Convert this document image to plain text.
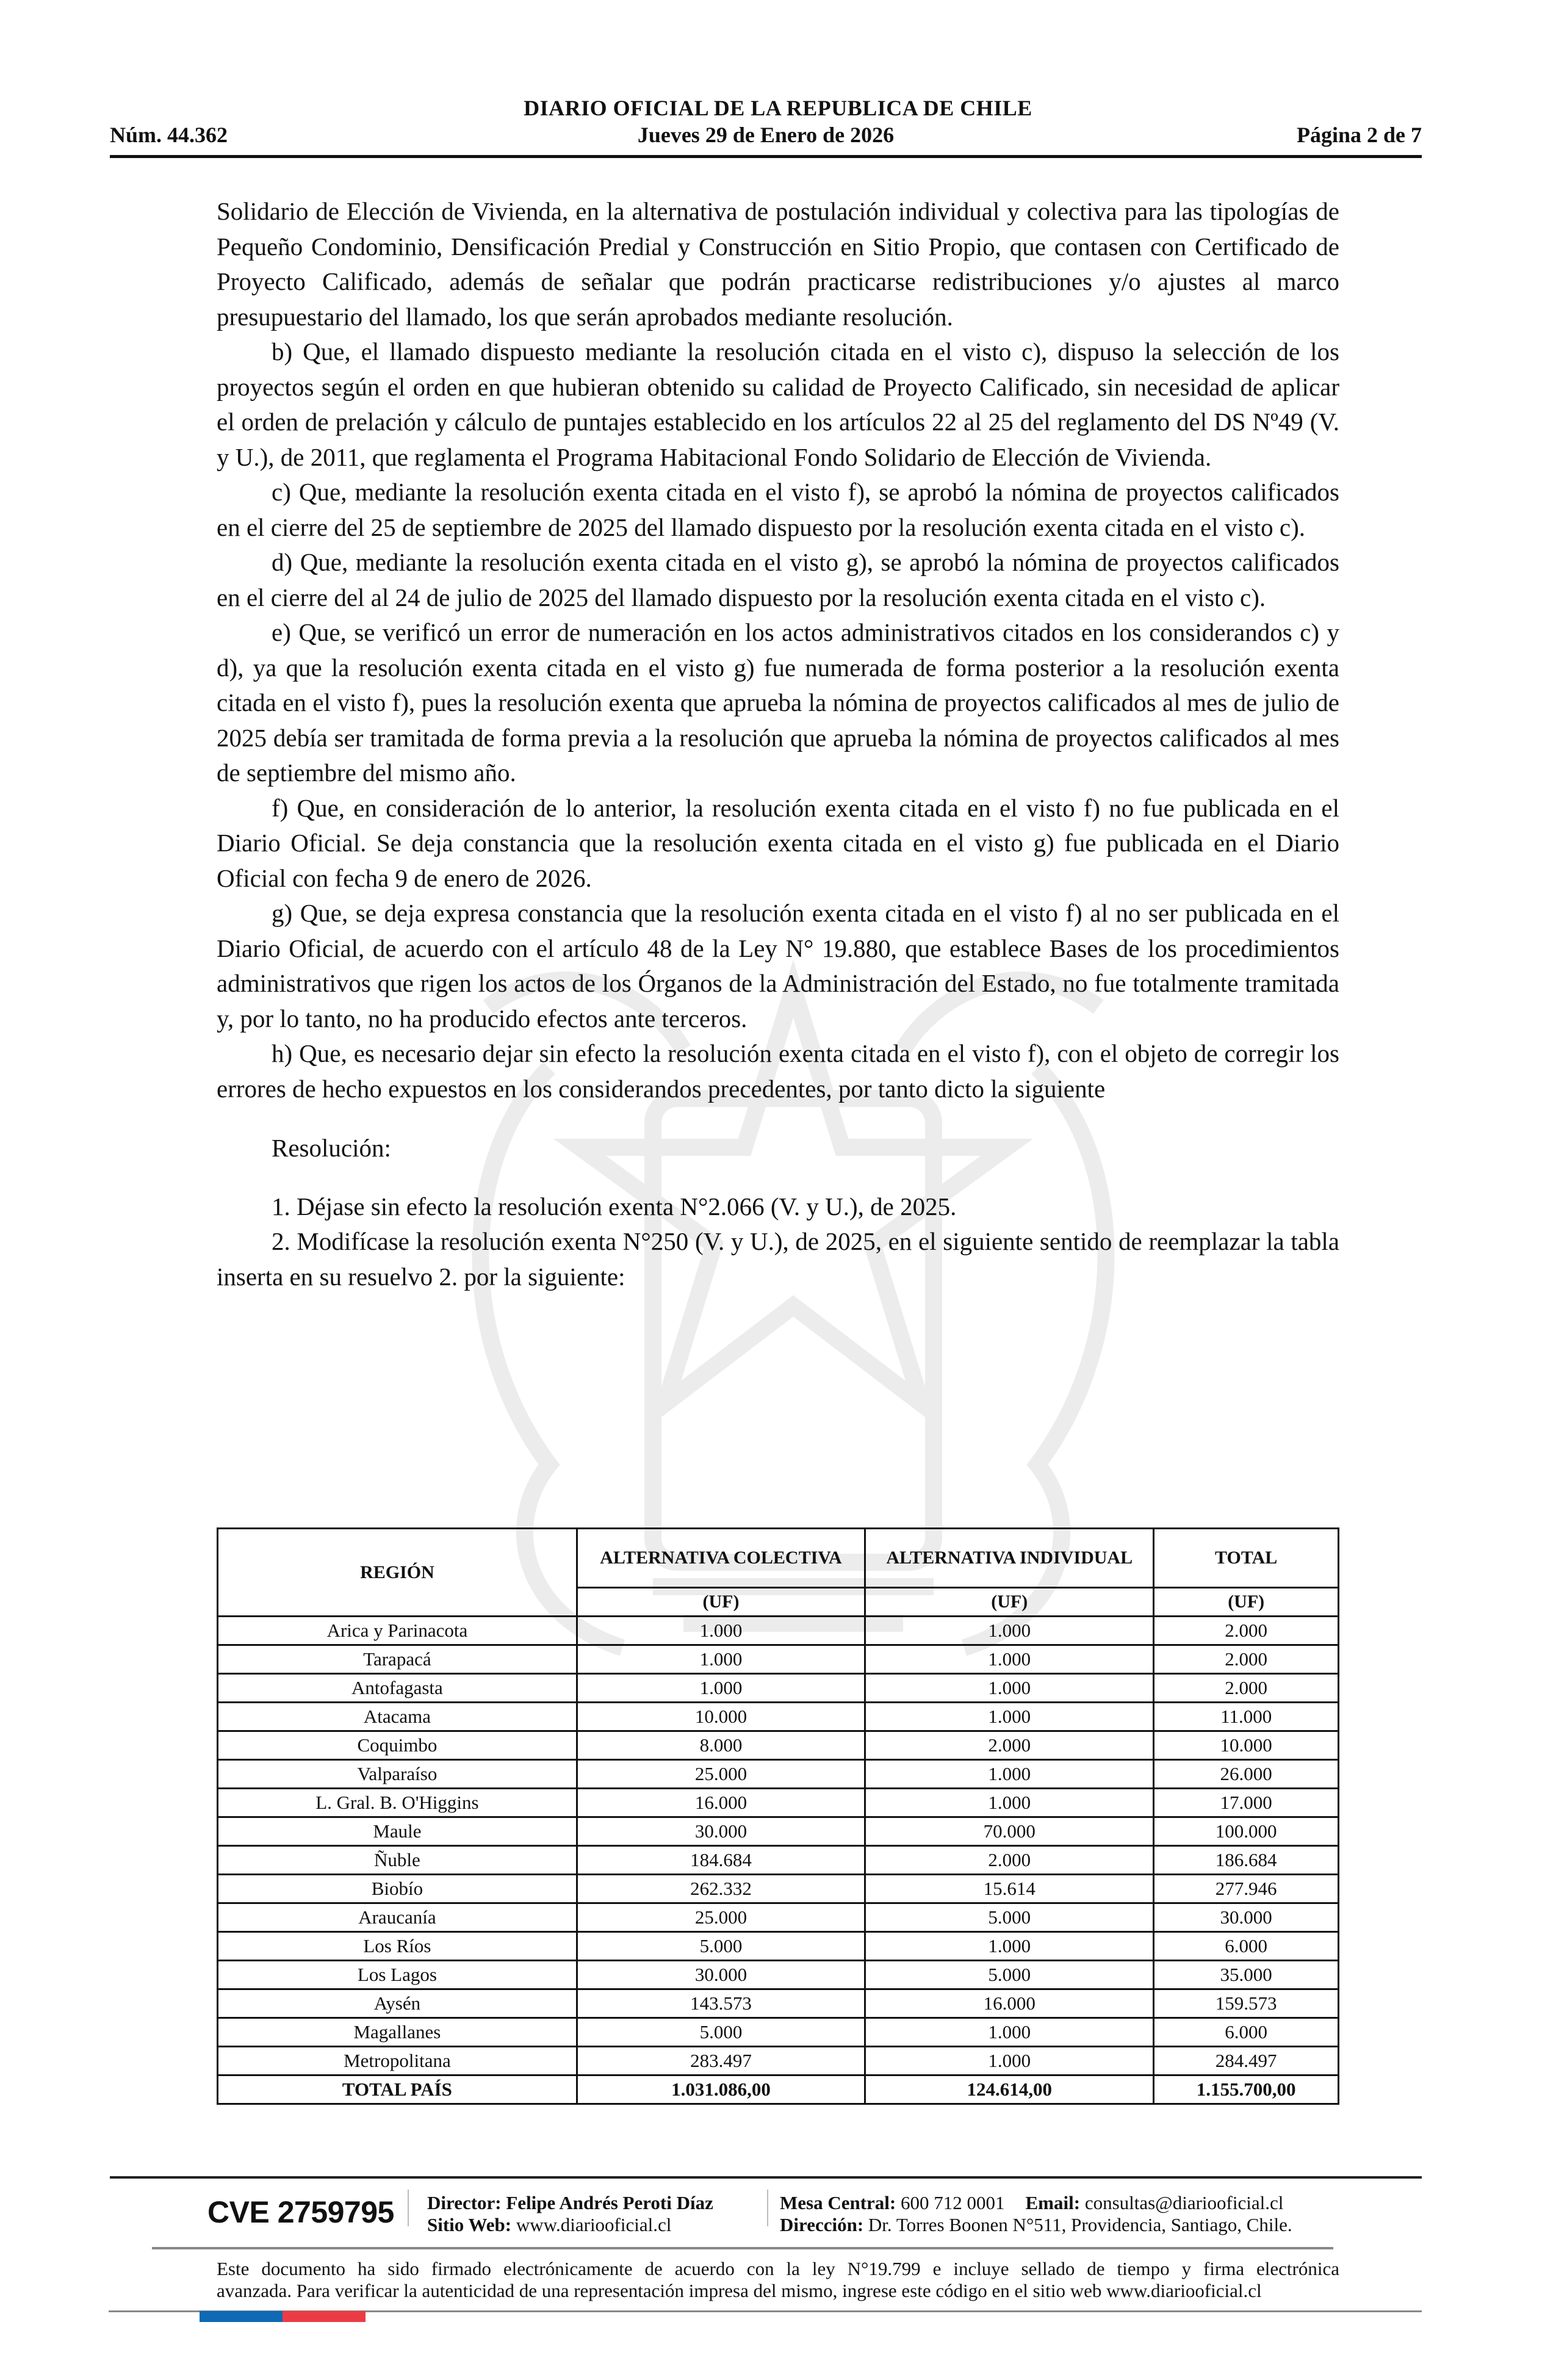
DIARIO OFICIAL DE LA REPUBLICA DE CHILE
Núm. 44.362	Jueves 29 de Enero de 2026	Página 2 de 7

Solidario de Elección de Vivienda, en la alternativa de postulación individual y colectiva para las tipologías de Pequeño Condominio, Densificación Predial y Construcción en Sitio Propio, que contasen con Certificado de Proyecto Calificado, además de señalar que podrán practicarse redistribuciones y/o ajustes al marco presupuestario del llamado, los que serán aprobados mediante resolución.

b) Que, el llamado dispuesto mediante la resolución citada en el visto c), dispuso la selección de los proyectos según el orden en que hubieran obtenido su calidad de Proyecto Calificado, sin necesidad de aplicar el orden de prelación y cálculo de puntajes establecido en los artículos 22 al 25 del reglamento del DS Nº49 (V. y U.), de 2011, que reglamenta el Programa Habitacional Fondo Solidario de Elección de Vivienda.

c) Que, mediante la resolución exenta citada en el visto f), se aprobó la nómina de proyectos calificados en el cierre del 25 de septiembre de 2025 del llamado dispuesto por la resolución exenta citada en el visto c).

d) Que, mediante la resolución exenta citada en el visto g), se aprobó la nómina de proyectos calificados en el cierre del al 24 de julio de 2025 del llamado dispuesto por la resolución exenta citada en el visto c).

e) Que, se verificó un error de numeración en los actos administrativos citados en los considerandos c) y d), ya que la resolución exenta citada en el visto g) fue numerada de forma posterior a la resolución exenta citada en el visto f), pues la resolución exenta que aprueba la nómina de proyectos calificados al mes de julio de 2025 debía ser tramitada de forma previa a la resolución que aprueba la nómina de proyectos calificados al mes de septiembre del mismo año.

f) Que, en consideración de lo anterior, la resolución exenta citada en el visto f) no fue publicada en el Diario Oficial. Se deja constancia que la resolución exenta citada en el visto g) fue publicada en el Diario Oficial con fecha 9 de enero de 2026.

g) Que, se deja expresa constancia que la resolución exenta citada en el visto f) al no ser publicada en el Diario Oficial, de acuerdo con el artículo 48 de la Ley N° 19.880, que establece Bases de los procedimientos administrativos que rigen los actos de los Órganos de la Administración del Estado, no fue totalmente tramitada y, por lo tanto, no ha producido efectos ante terceros.

h) Que, es necesario dejar sin efecto la resolución exenta citada en el visto f), con el objeto de corregir los errores de hecho expuestos en los considerandos precedentes, por tanto dicto la siguiente

Resolución:

1. Déjase sin efecto la resolución exenta N°2.066 (V. y U.), de 2025.

2. Modifícase la resolución exenta N°250 (V. y U.), de 2025, en el siguiente sentido de reemplazar la tabla inserta en su resuelvo 2. por la siguiente:

REGIÓN	ALTERNATIVA COLECTIVA	ALTERNATIVA INDIVIDUAL	TOTAL
	(UF)	(UF)	(UF)
Arica y Parinacota	1.000	1.000	2.000
Tarapacá	1.000	1.000	2.000
Antofagasta	1.000	1.000	2.000
Atacama	10.000	1.000	11.000
Coquimbo	8.000	2.000	10.000
Valparaíso	25.000	1.000	26.000
L. Gral. B. O'Higgins	16.000	1.000	17.000
Maule	30.000	70.000	100.000
Ñuble	184.684	2.000	186.684
Biobío	262.332	15.614	277.946
Araucanía	25.000	5.000	30.000
Los Ríos	5.000	1.000	6.000
Los Lagos	30.000	5.000	35.000
Aysén	143.573	16.000	159.573
Magallanes	5.000	1.000	6.000
Metropolitana	283.497	1.000	284.497
TOTAL PAÍS	1.031.086,00	124.614,00	1.155.700,00
CVE 2759795 Director: Felipe Andrés Peroti Díaz
Sitio Web: www.diariooficial.cl
Mesa Central: 600 712 0001 Email: consultas@diariooficial.cl
Dirección: Dr. Torres Boonen N°511, Providencia, Santiago, Chile.

Este documento ha sido firmado electrónicamente de acuerdo con la ley N°19.799 e incluye sellado de tiempo y firma electrónica

avanzada. Para verificar la autenticidad de una representación impresa del mismo, ingrese este código en el sitio web www.diariooficial.cl
